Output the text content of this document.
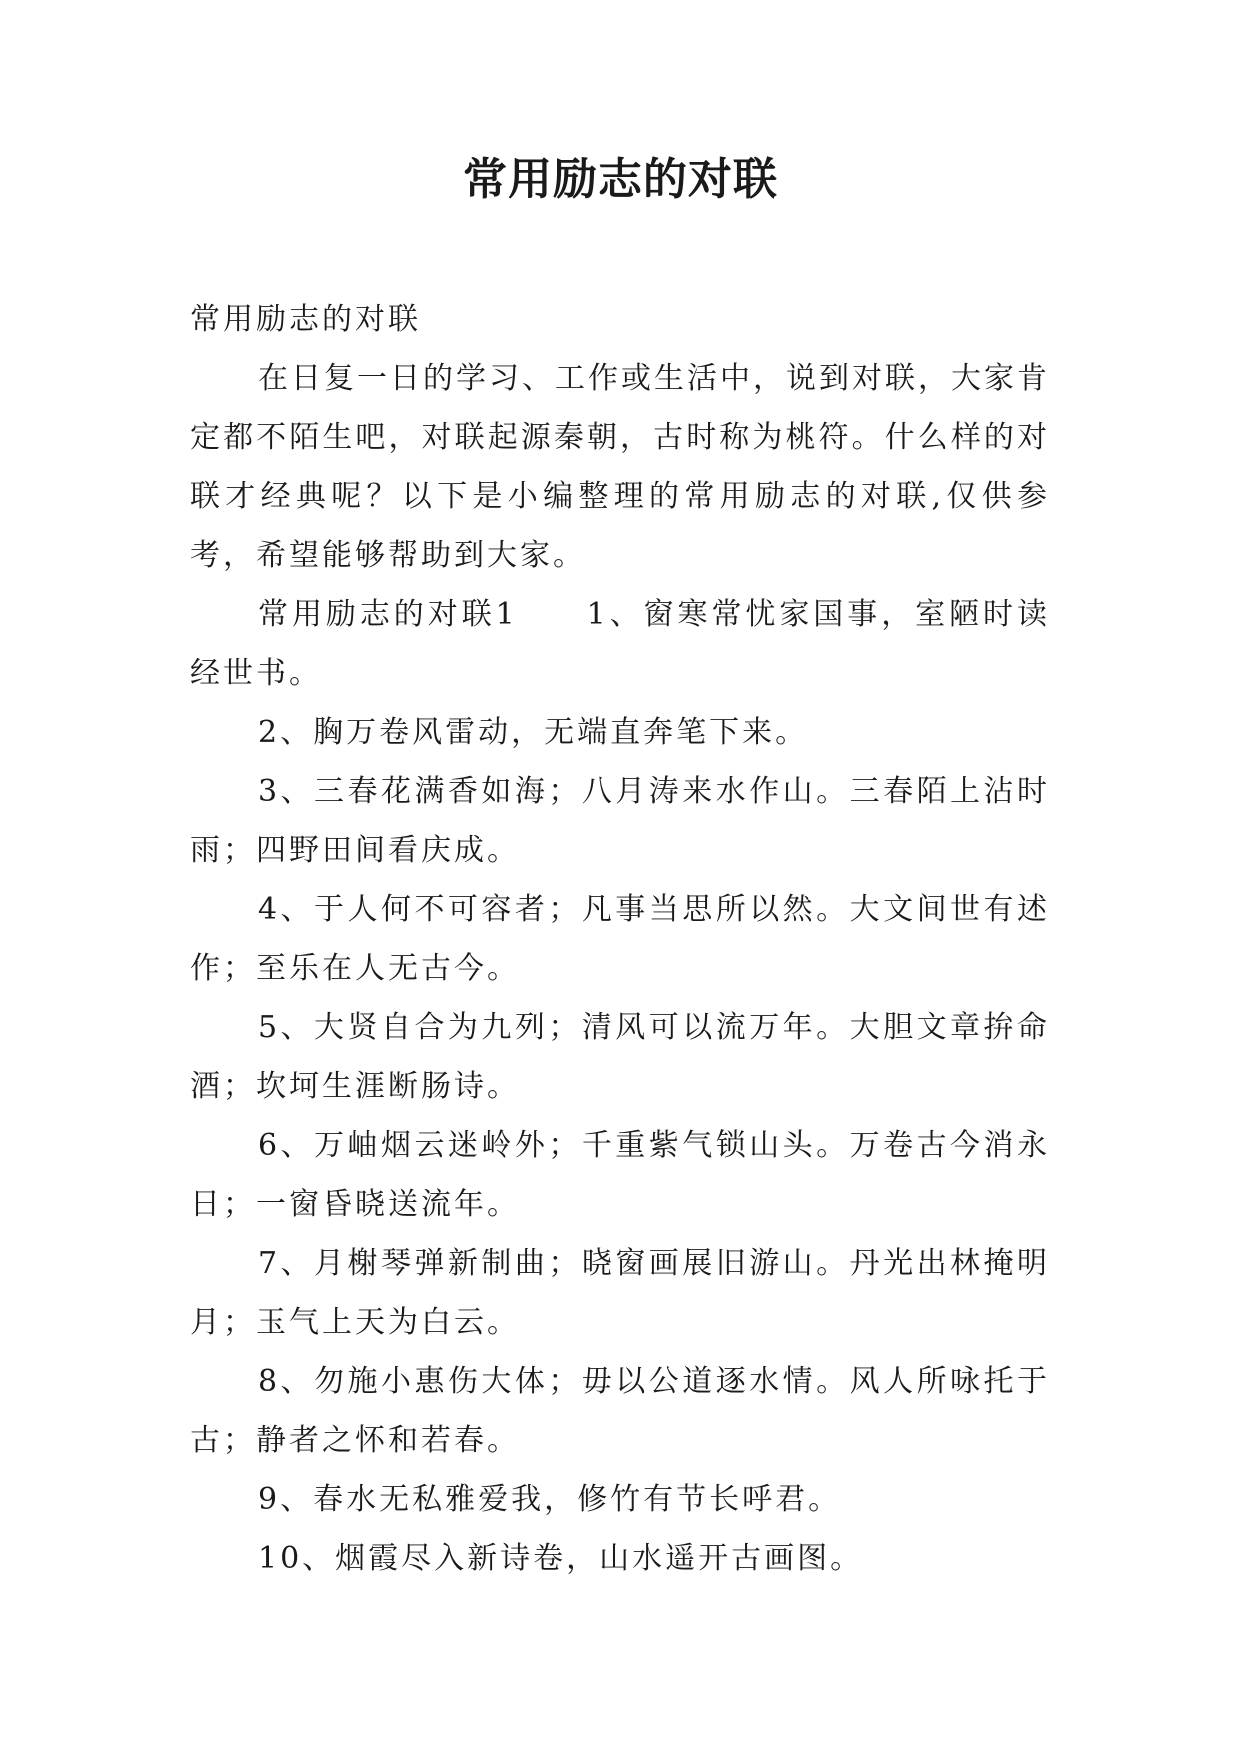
常用励志的对联

常用励志的对联

在日复一日的学习、工作或生活中，说到对联，大家肯定都不陌生吧，对联起源秦朝，古时称为桃符。什么样的对联才经典呢？以下是小编整理的常用励志的对联,仅供参考，希望能够帮助到大家。

常用励志的对联1　　1、窗寒常忧家国事，室陋时读经世书。

2、胸万卷风雷动，无端直奔笔下来。

3、三春花满香如海；八月涛来水作山。三春陌上沾时雨；四野田间看庆成。

4、于人何不可容者；凡事当思所以然。大文间世有述作；至乐在人无古今。

5、大贤自合为九列；清风可以流万年。大胆文章拚命酒；坎坷生涯断肠诗。

6、万岫烟云迷岭外；千重紫气锁山头。万卷古今消永日；一窗昏晓送流年。

7、月榭琴弹新制曲；晓窗画展旧游山。丹光出林掩明月；玉气上天为白云。

8、勿施小惠伤大体；毋以公道逐水情。风人所咏托于古；静者之怀和若春。

9、春水无私雅爱我，修竹有节长呼君。

10、烟霞尽入新诗卷，山水遥开古画图。
